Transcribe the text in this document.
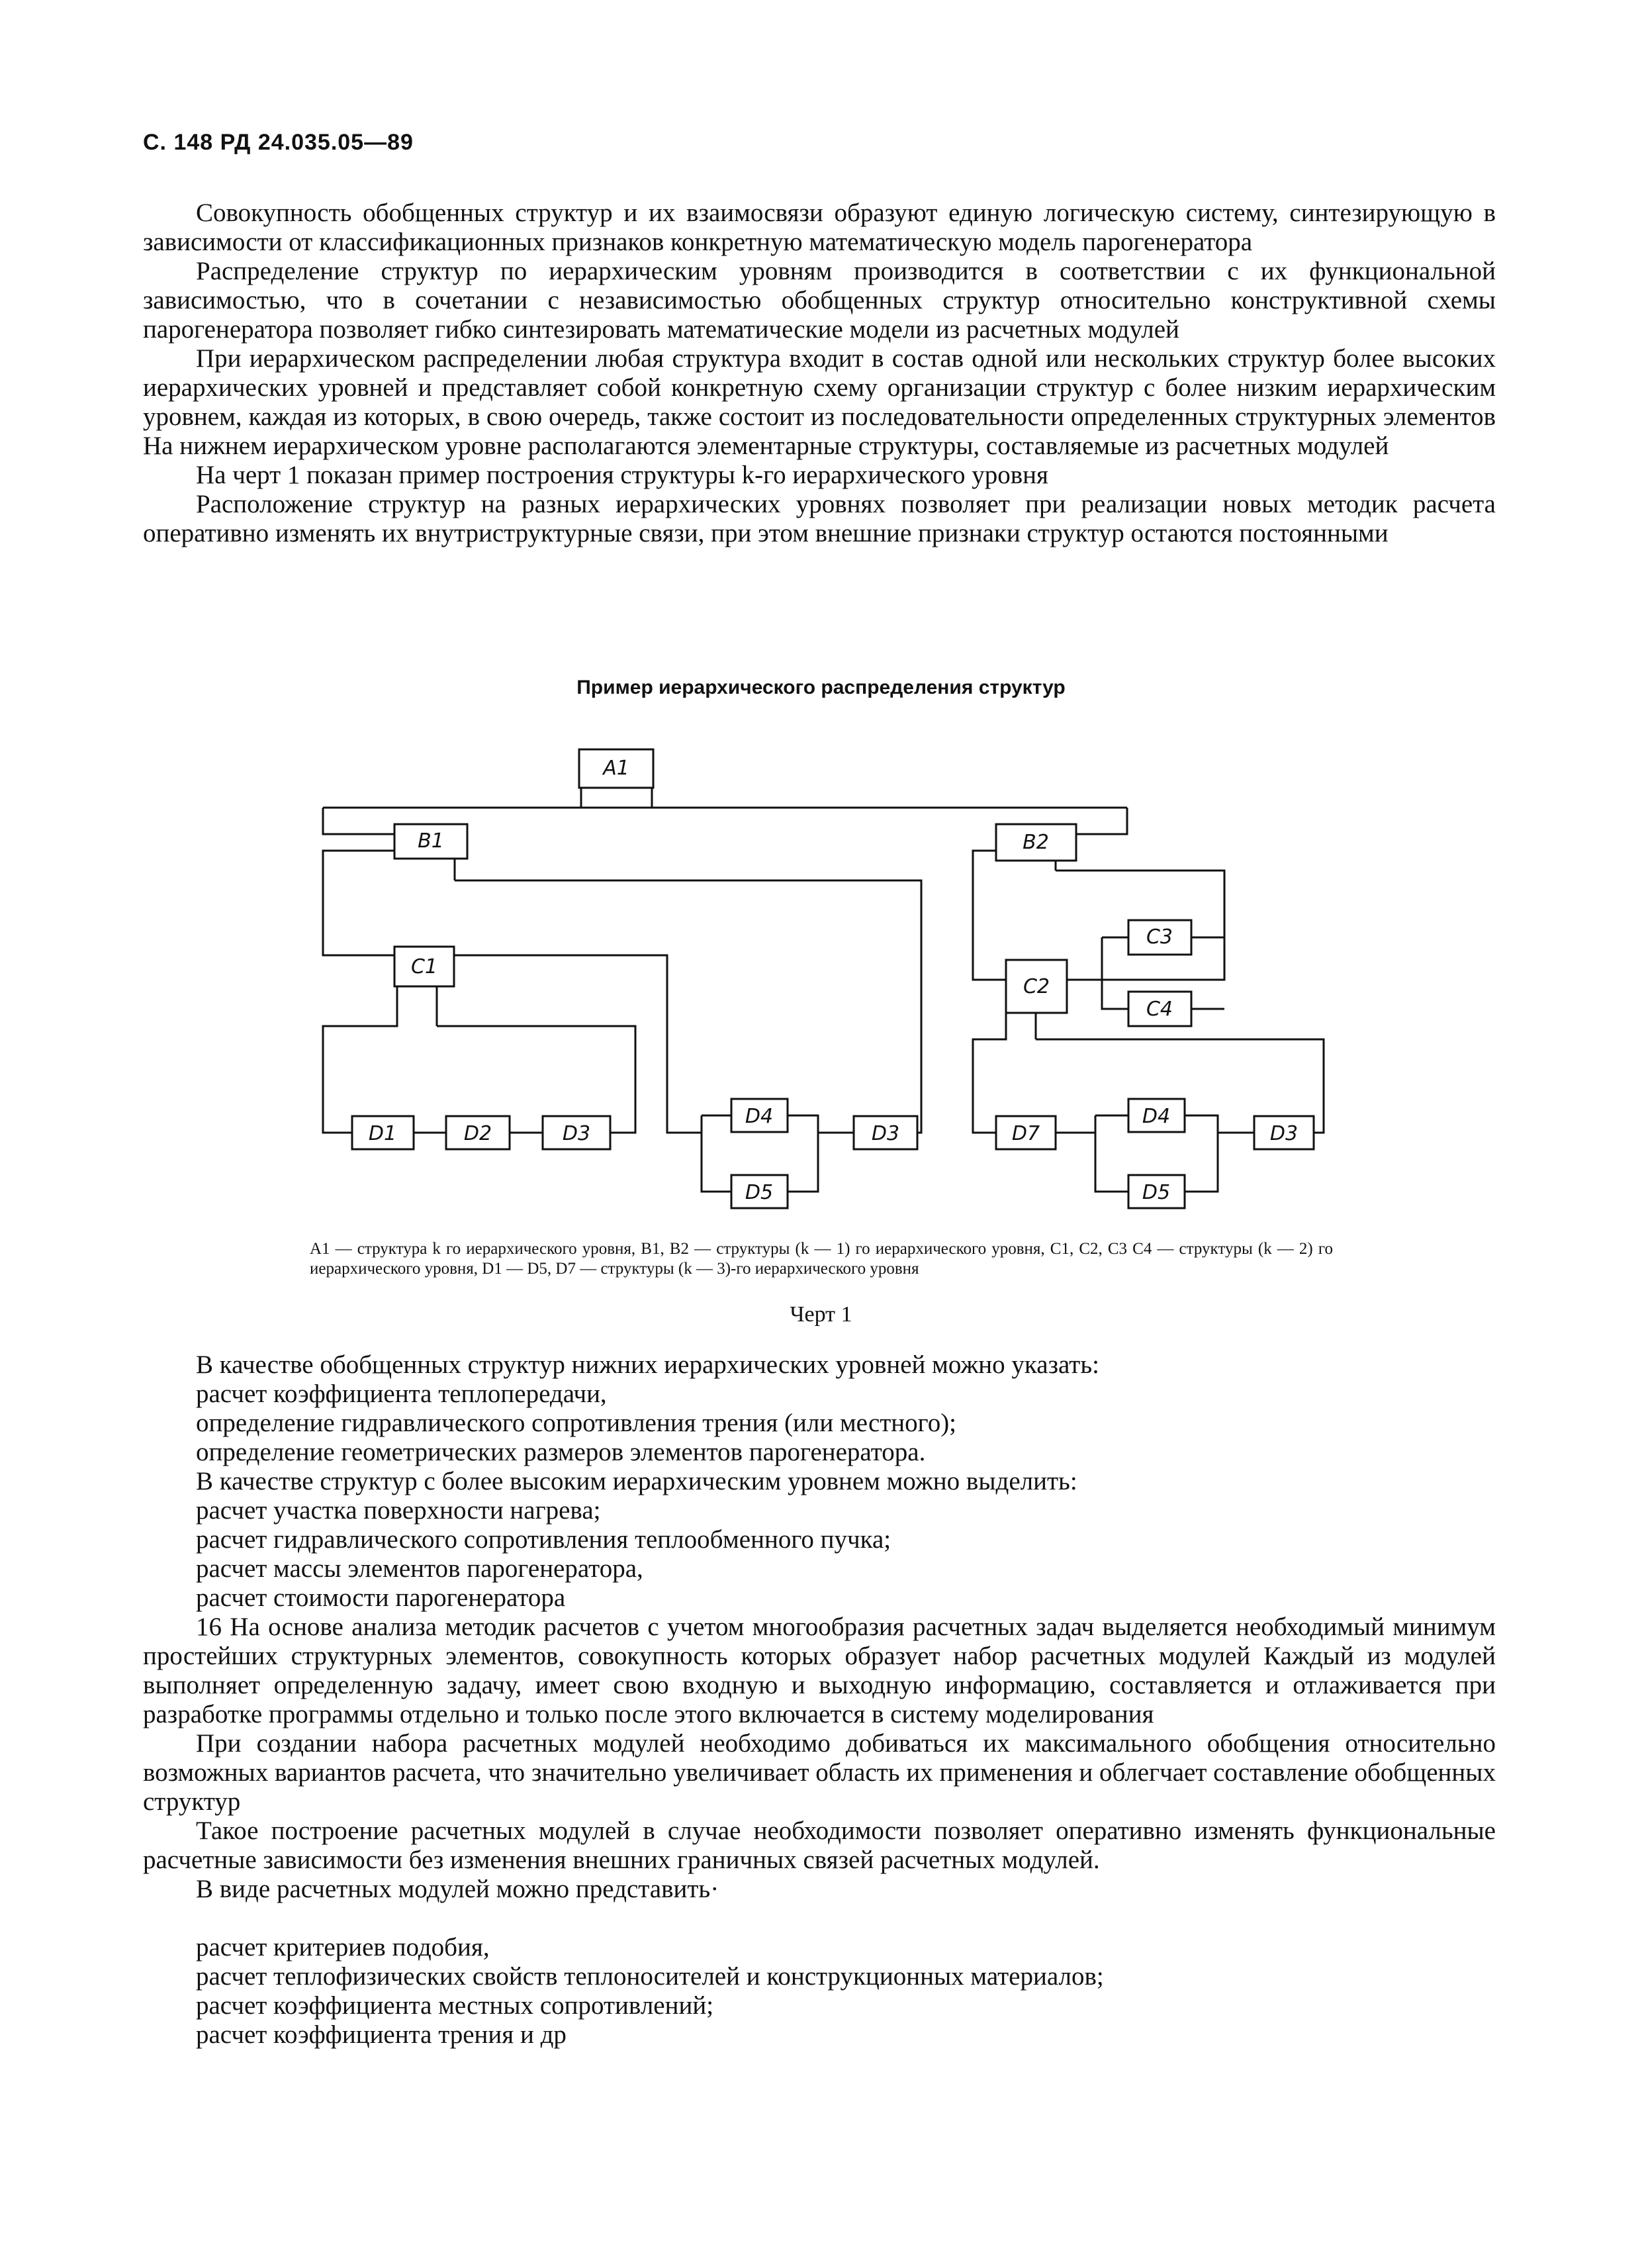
С. 148 РД 24.035.05—89

Совокупность обобщенных структур и их взаимосвязи образуют единую логическую систему, синтезирующую в зависимости от классификационных признаков конкретную математическую модель парогенератора

Распределение структур по иерархическим уровням производится в соответствии с их функциональной зависимостью, что в сочетании с независимостью обобщенных структур относительно конструктивной схемы парогенератора позволяет гибко синтезировать математические модели из расчетных модулей

При иерархическом распределении любая структура входит в состав одной или нескольких структур более высоких иерархических уровней и представляет собой конкретную схему организации структур с более низким иерархическим уровнем, каждая из которых, в свою очередь, также состоит из последовательности определенных структурных элементов На нижнем иерархическом уровне располагаются элементарные структуры, составляемые из расчетных модулей

На черт 1 показан пример построения структуры k-го иерархического уровня

Расположение структур на разных иерархических уровнях позволяет при реализации новых методик расчета оперативно изменять их внутриструктурные связи, при этом внешние признаки структур остаются постоянными

Пример иерархического распределения структур
A1
B1	B2
C1
C2
C3
C4
D1	D2	D3
D4
D5
D3	D7
D4
D5
D3
A1 — структура k го иерархического уровня, B1, B2 — структуры (k — 1) го иерархического уровня, C1, C2, C3 C4 — структуры (k — 2) го иерархического уровня, D1 — D5, D7 — структуры (k — 3)-го иерархического уровня
Черт 1

В качестве обобщенных структур нижних иерархических уровней можно указать:

расчет коэффициента теплопередачи,
определение гидравлического сопротивления трения (или местного);
определение геометрических размеров элементов парогенератора.

В качестве структур с более высоким иерархическим уровнем можно выделить:

расчет участка поверхности нагрева;
расчет гидравлического сопротивления теплообменного пучка;
расчет массы элементов парогенератора,
расчет стоимости парогенератора

16 На основе анализа методик расчетов с учетом многообразия расчетных задач выделяется необходимый минимум простейших структурных элементов, совокупность которых образует набор расчетных модулей Каждый из модулей выполняет определенную задачу, имеет свою входную и выходную информацию, составляется и отлаживается при разработке программы отдельно и только после этого включается в систему моделирования

При создании набора расчетных модулей необходимо добиваться их максимального обобщения относительно возможных вариантов расчета, что значительно увеличивает область их применения и облегчает составление обобщенных структур

Такое построение расчетных модулей в случае необходимости позволяет оперативно изменять функциональные расчетные зависимости без изменения внешних граничных связей расчетных модулей.

В виде расчетных модулей можно представить·

расчет критериев подобия,
расчет теплофизических свойств теплоносителей и конструкционных материалов;
расчет коэффициента местных сопротивлений;
расчет коэффициента трения и др
